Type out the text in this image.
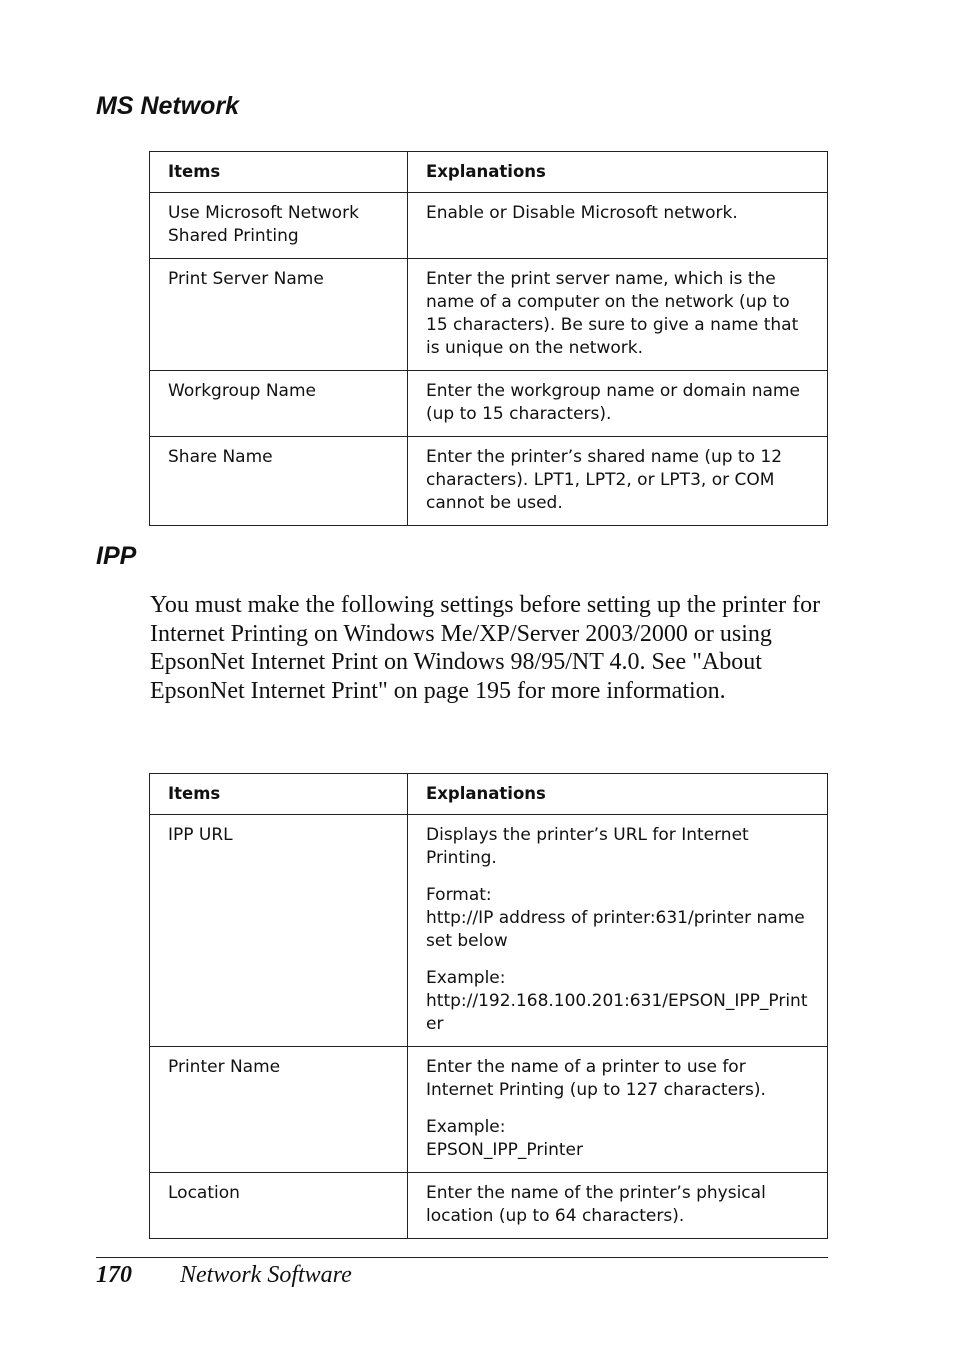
MS Network
Items	Explanations
Use Microsoft Network Shared Printing	Enable or Disable Microsoft network.

Print Server Name	Enter the print server name, which is the name of a computer on the network (up to 15 characters). Be sure to give a name that is unique on the network.

Workgroup Name	Enter the workgroup name or domain name (up to 15 characters).

Share Name	Enter the printer’s shared name (up to 12 characters). LPT1, LPT2, or LPT3, or COM cannot be used.

IPP

You must make the following settings before setting up the printer for Internet Printing on Windows Me/XP/Server 2003/2000 or using EpsonNet Internet Print on Windows 98/95/NT 4.0. See "About EpsonNet Internet Print" on page 195 for more information.

Items	Explanations
IPP URL	Displays the printer’s URL for Internet Printing.

Format:
http://IP address of printer:631/printer name set below

Example:
http://192.168.100.201:631/EPSON_IPP_Printer

Printer Name	Enter the name of a printer to use for Internet Printing (up to 127 characters).

Example:
EPSON_IPP_Printer

Location	Enter the name of the printer’s physical location (up to 64 characters).

170 Network Software
